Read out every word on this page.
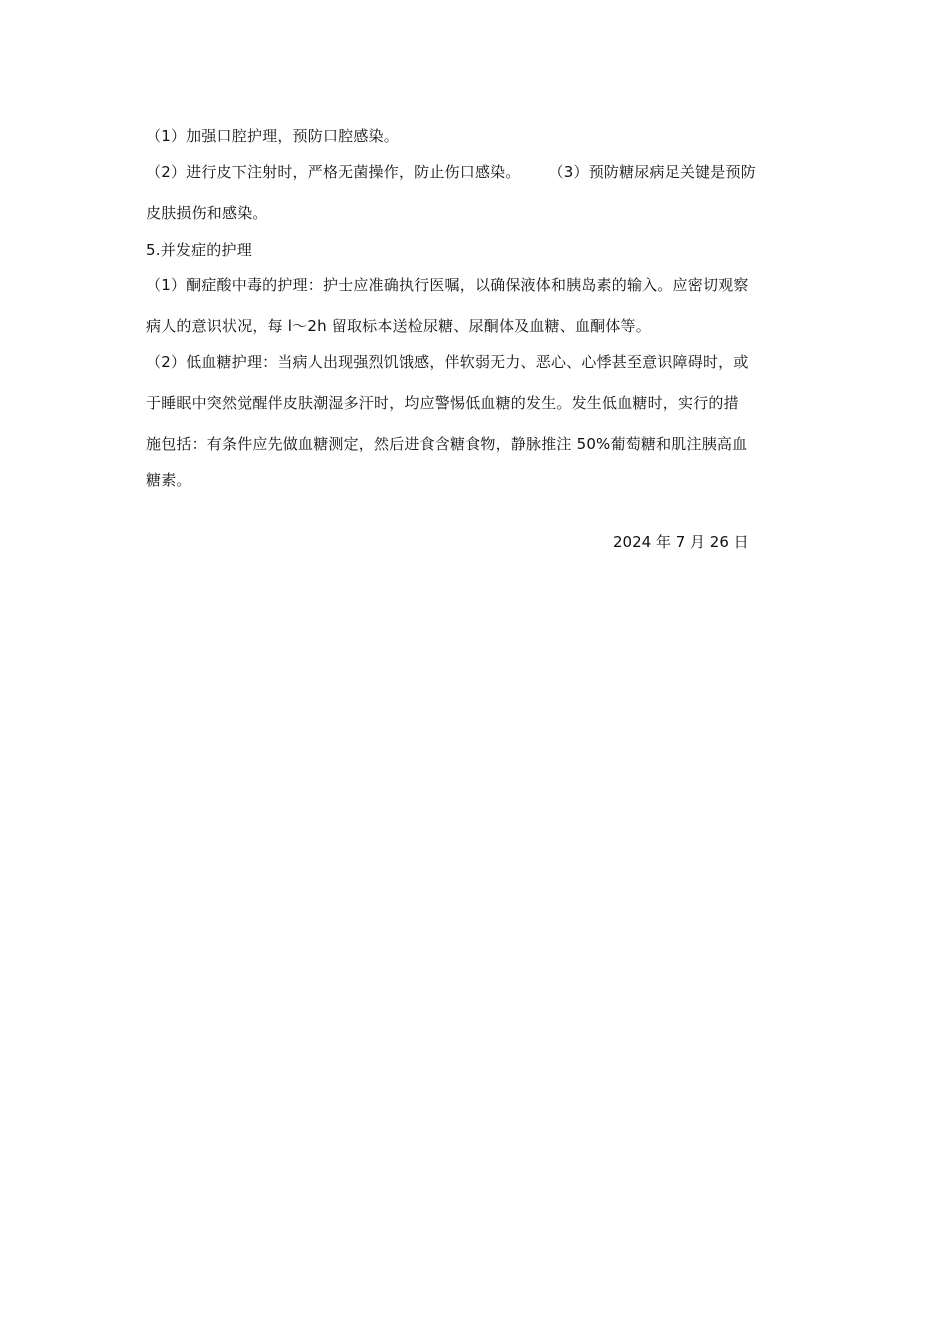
（1）加强口腔护理，预防口腔感染。
（2）进行皮下注射时，严格无菌操作，防止伤口感染。 （3）预防糖尿病足关键是预防
皮肤损伤和感染。
5.并发症的护理
（1）酮症酸中毒的护理：护士应准确执行医嘱，以确保液体和胰岛素的输入。应密切观察
病人的意识状况，每 l～2h 留取标本送检尿糖、尿酮体及血糖、血酮体等。
（2）低血糖护理：当病人出现强烈饥饿感，伴软弱无力、恶心、心悸甚至意识障碍时，或
于睡眠中突然觉醒伴皮肤潮湿多汗时，均应警惕低血糖的发生。发生低血糖时，实行的措
施包括：有条件应先做血糖测定，然后进食含糖食物，静脉推注 50%葡萄糖和肌注胰高血
糖素。
2024 年 7 月 26 日
